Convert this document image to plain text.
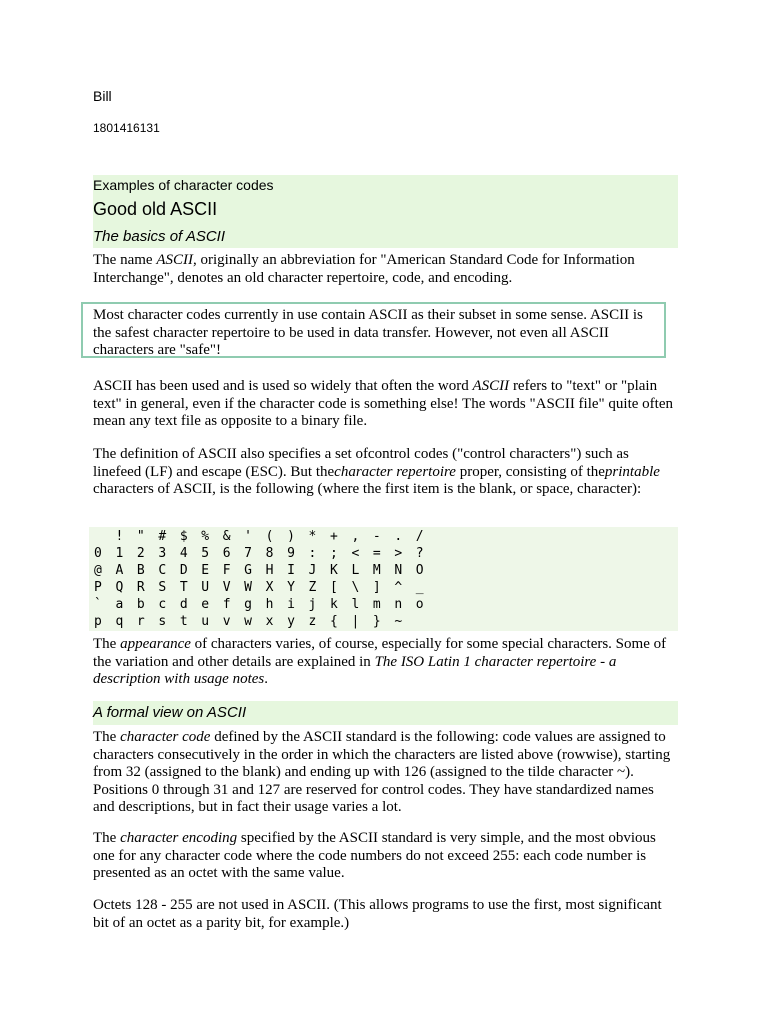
Bill
1801416131
Examples of character codes
Good old ASCII
The basics of ASCII
The name ASCII, originally an abbreviation for "American Standard Code for Information Interchange", denotes an old character repertoire, code, and encoding.
Most character codes currently in use contain ASCII as their subset in some sense. ASCII is the safest character repertoire to be used in data transfer. However, not even all ASCII characters are "safe"!
ASCII has been used and is used so widely that often the word ASCII refers to "text" or "plain text" in general, even if the character code is something else! The words "ASCII file" quite often mean any text file as opposite to a binary file.
The definition of ASCII also specifies a set ofcontrol codes ("control characters") such as linefeed (LF) and escape (ESC). But thecharacter repertoire proper, consisting of theprintable characters of ASCII, is the following (where the first item is the blank, or space, character):
! " # $ % & ' ( ) * + , - . /
0 1 2 3 4 5 6 7 8 9 : ; < = > ?
@ A B C D E F G H I J K L M N O
P Q R S T U V W X Y Z [ \ ] ^ _
` a b c d e f g h i j k l m n o
p q r s t u v w x y z { | } ~
The appearance of characters varies, of course, especially for some special characters. Some of the variation and other details are explained in The ISO Latin 1 character repertoire - a description with usage notes.
A formal view on ASCII
The character code defined by the ASCII standard is the following: code values are assigned to characters consecutively in the order in which the characters are listed above (rowwise), starting from 32 (assigned to the blank) and ending up with 126 (assigned to the tilde character ~). Positions 0 through 31 and 127 are reserved for control codes. They have standardized names and descriptions, but in fact their usage varies a lot.
The character encoding specified by the ASCII standard is very simple, and the most obvious one for any character code where the code numbers do not exceed 255: each code number is presented as an octet with the same value.
Octets 128 - 255 are not used in ASCII. (This allows programs to use the first, most significant bit of an octet as a parity bit, for example.)
